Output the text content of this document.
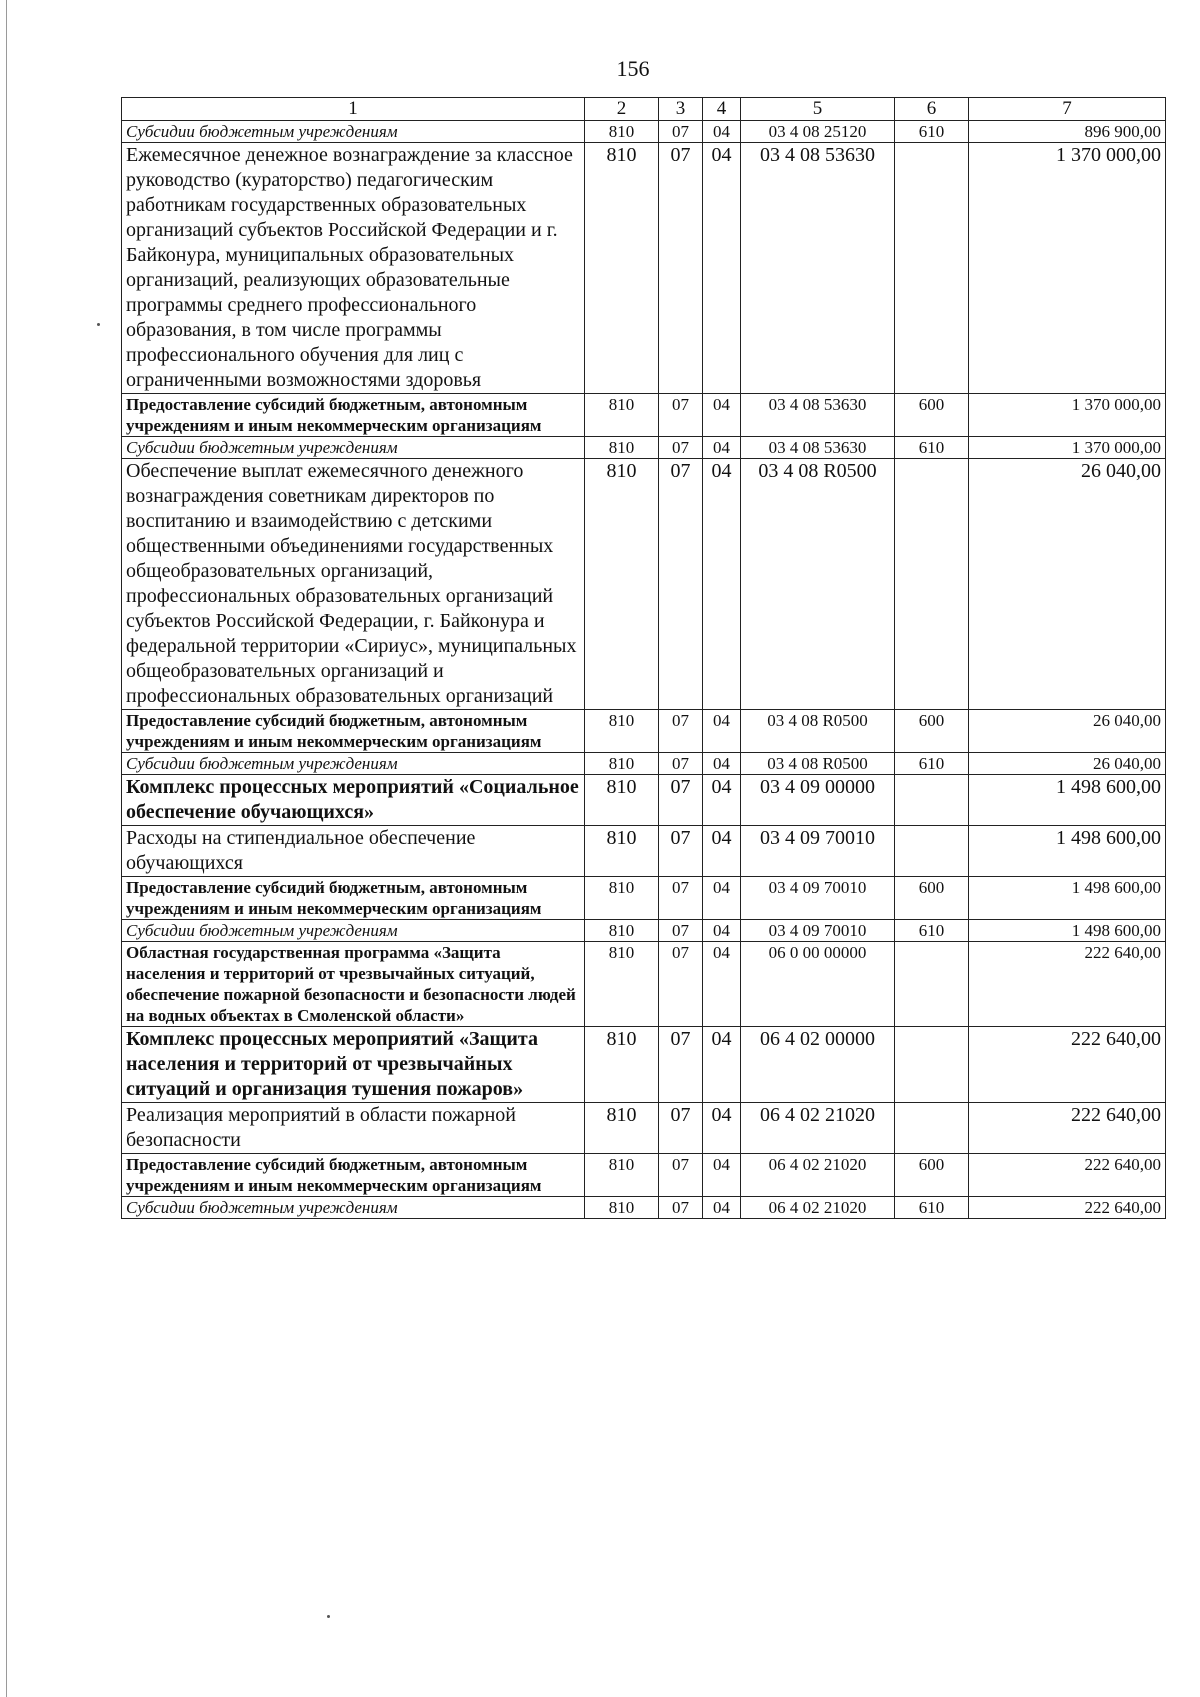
156
1	2	3	4	5	6	7
Субсидии бюджетным учреждениям	810	07	04	03 4 08 25120	610	896 900,00
Ежемесячное денежное вознаграждение за классное руководство (кураторство) педагогическим работникам государственных образовательных организаций субъектов Российской Федерации и г. Байконура, муниципальных образовательных организаций, реализующих образовательные программы среднего профессионального образования, в том числе программы профессионального обучения для лиц с ограниченными возможностями здоровья	810	07	04	03 4 08 53630		1 370 000,00
Предоставление субсидий бюджетным, автономным учреждениям и иным некоммерческим организациям	810	07	04	03 4 08 53630	600	1 370 000,00
Субсидии бюджетным учреждениям	810	07	04	03 4 08 53630	610	1 370 000,00
Обеспечение выплат ежемесячного денежного вознаграждения советникам директоров по воспитанию и взаимодействию с детскими общественными объединениями государственных общеобразовательных организаций, профессиональных образовательных организаций субъектов Российской Федерации, г. Байконура и федеральной территории «Сириус», муниципальных общеобразовательных организаций и профессиональных образовательных организаций	810	07	04	03 4 08 R0500		26 040,00
Предоставление субсидий бюджетным, автономным учреждениям и иным некоммерческим организациям	810	07	04	03 4 08 R0500	600	26 040,00
Субсидии бюджетным учреждениям	810	07	04	03 4 08 R0500	610	26 040,00
Комплекс процессных мероприятий «Социальное обеспечение обучающихся»	810	07	04	03 4 09 00000		1 498 600,00
Расходы на стипендиальное обеспечение обучающихся	810	07	04	03 4 09 70010		1 498 600,00
Предоставление субсидий бюджетным, автономным учреждениям и иным некоммерческим организациям	810	07	04	03 4 09 70010	600	1 498 600,00
Субсидии бюджетным учреждениям	810	07	04	03 4 09 70010	610	1 498 600,00
Областная государственная программа «Защита населения и территорий от чрезвычайных ситуаций, обеспечение пожарной безопасности и безопасности людей на водных объектах в Смоленской области»	810	07	04	06 0 00 00000		222 640,00
Комплекс процессных мероприятий «Защита населения и территорий от чрезвычайных ситуаций и организация тушения пожаров»	810	07	04	06 4 02 00000		222 640,00
Реализация мероприятий в области пожарной безопасности	810	07	04	06 4 02 21020		222 640,00
Предоставление субсидий бюджетным, автономным учреждениям и иным некоммерческим организациям	810	07	04	06 4 02 21020	600	222 640,00
Субсидии бюджетным учреждениям	810	07	04	06 4 02 21020	610	222 640,00
